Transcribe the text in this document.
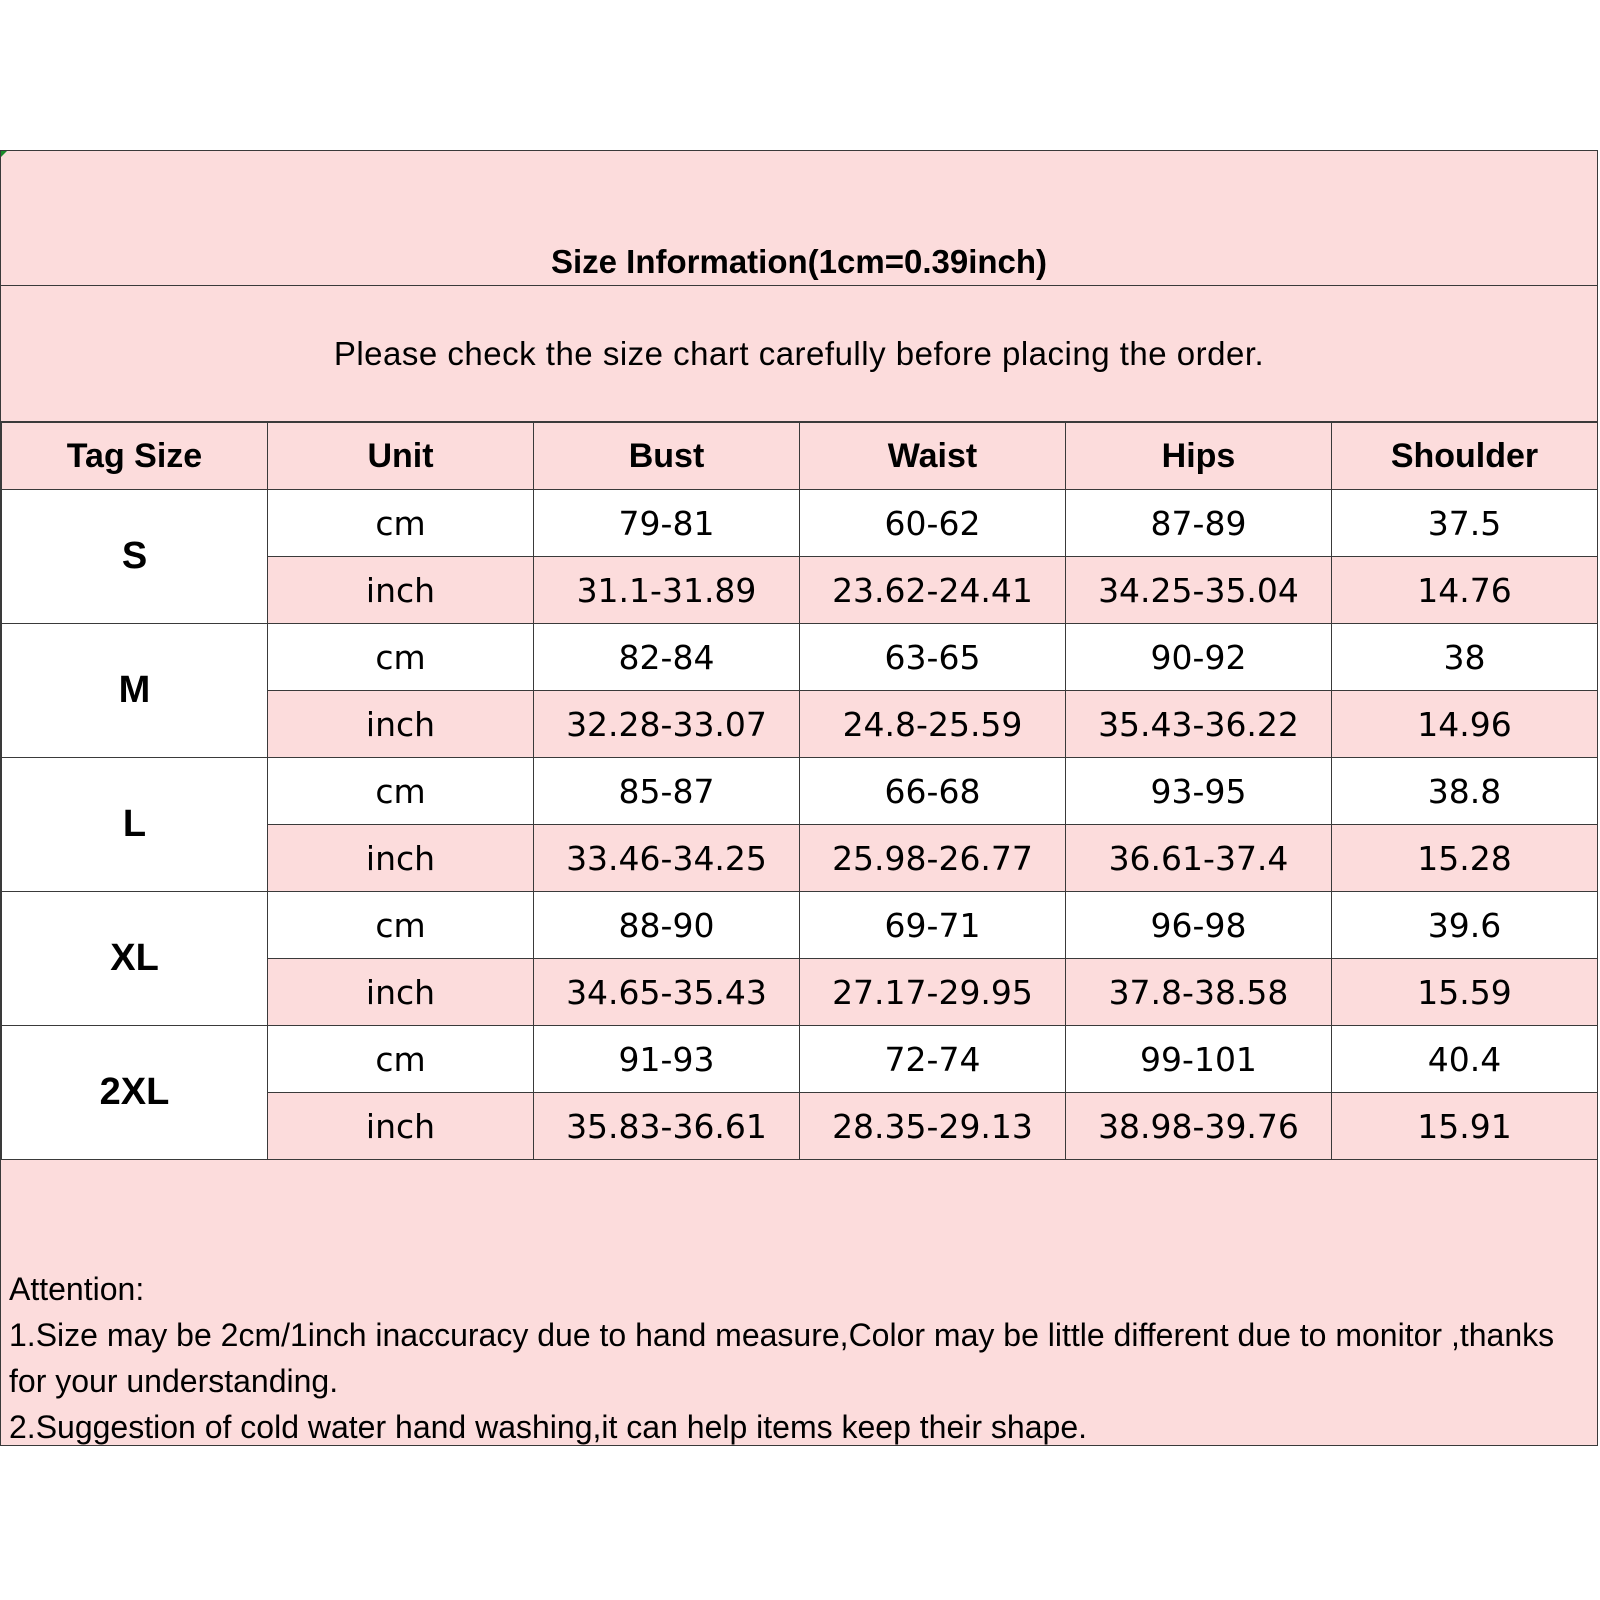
Size Information(1cm=0.39inch)
Please check the size chart carefully before placing the order.
Tag Size	Unit	Bust	Waist	Hips	Shoulder
S	cm	79-81	60-62	87-89	37.5
	inch	31.1-31.89	23.62-24.41	34.25-35.04	14.76
M	cm	82-84	63-65	90-92	38
	inch	32.28-33.07	24.8-25.59	35.43-36.22	14.96
L	cm	85-87	66-68	93-95	38.8
	inch	33.46-34.25	25.98-26.77	36.61-37.4	15.28
XL	cm	88-90	69-71	96-98	39.6
	inch	34.65-35.43	27.17-29.95	37.8-38.58	15.59
2XL	cm	91-93	72-74	99-101	40.4
	inch	35.83-36.61	28.35-29.13	38.98-39.76	15.91
Attention:
1.Size may be 2cm/1inch inaccuracy due to hand measure,Color may be little different due to monitor ,thanks for your understanding.
2.Suggestion of cold water hand washing,it can help items keep their shape.
